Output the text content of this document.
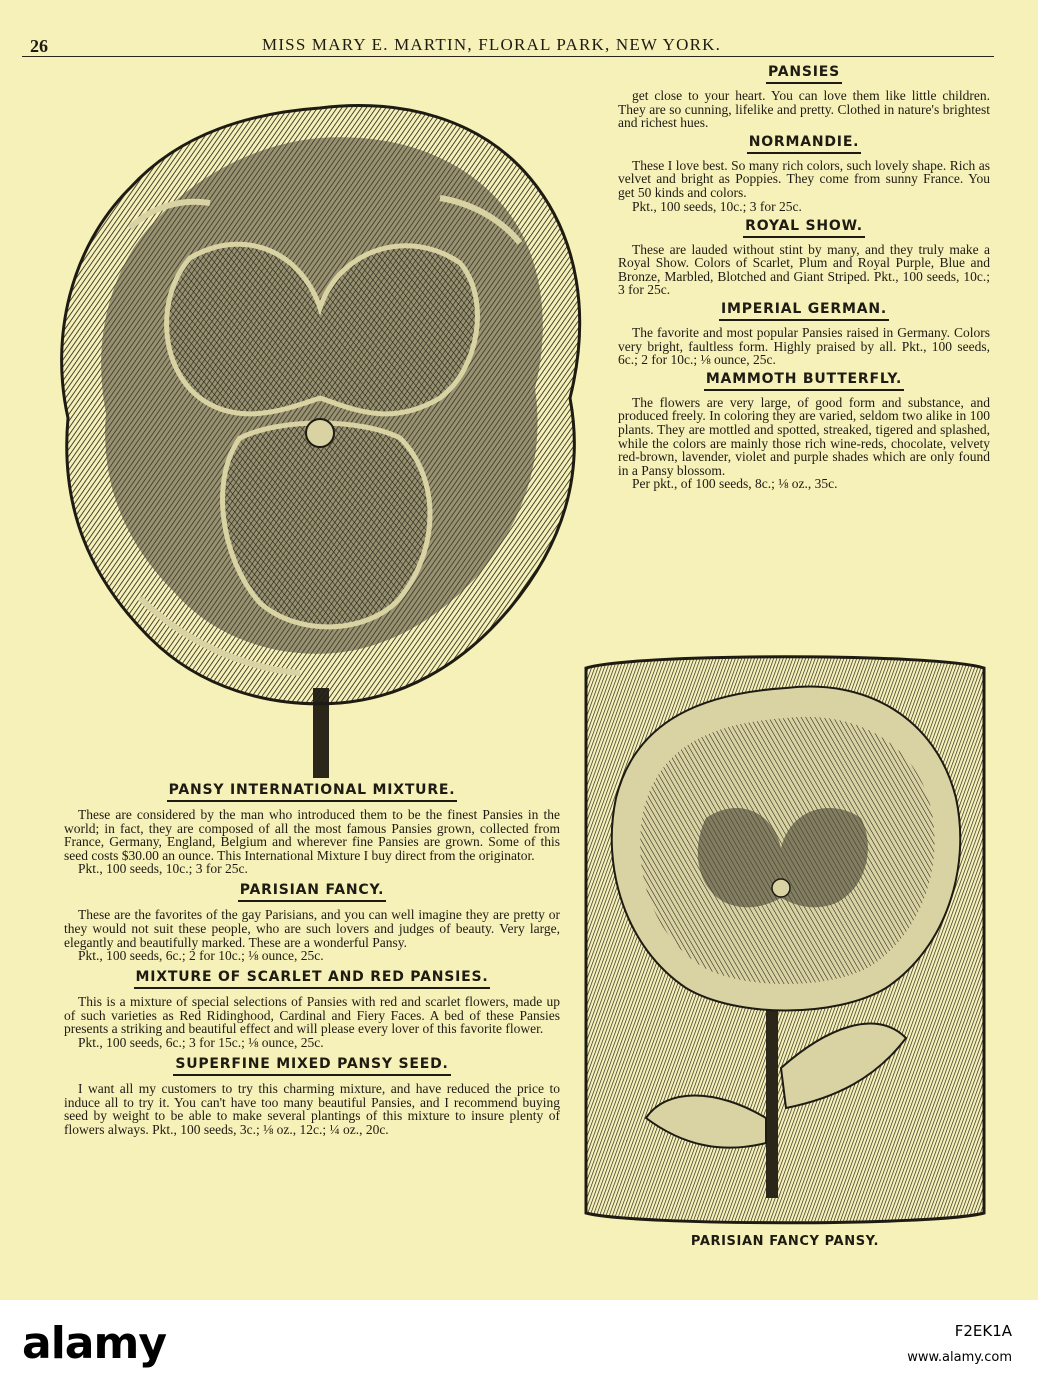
26	MISS MARY E. MARTIN, FLORAL PARK, NEW YORK.
PANSIES

get close to your heart. You can love them like little children. They are so cunning, lifelike and pretty. Clothed in nature's brightest and richest hues.

NORMANDIE.

These I love best. So many rich colors, such lovely shape. Rich as velvet and bright as Poppies. They come from sunny France. You get 50 kinds and colors.

Pkt., 100 seeds, 10c.; 3 for 25c.

ROYAL SHOW.

These are lauded without stint by many, and they truly make a Royal Show. Colors of Scarlet, Plum and Royal Purple, Blue and Bronze, Marbled, Blotched and Giant Striped. Pkt., 100 seeds, 10c.; 3 for 25c.

IMPERIAL GERMAN.

The favorite and most popular Pansies raised in Germany. Colors very bright, faultless form. Highly praised by all. Pkt., 100 seeds, 6c.; 2 for 10c.; ⅛ ounce, 25c.

MAMMOTH BUTTERFLY.

The flowers are very large, of good form and substance, and produced freely. In coloring they are varied, seldom two alike in 100 plants. They are mottled and spotted, streaked, tigered and splashed, while the colors are mainly those rich wine-reds, chocolate, velvety red-brown, lavender, violet and purple shades which are only found in a Pansy blossom.

Per pkt., of 100 seeds, 8c.; ⅛ oz., 35c.

PANSY INTERNATIONAL MIXTURE.

These are considered by the man who introduced them to be the finest Pansies in the world; in fact, they are composed of all the most famous Pansies grown, collected from France, Germany, England, Belgium and wherever fine Pansies are grown. Some of this seed costs $30.00 an ounce. This International Mixture I buy direct from the originator.

Pkt., 100 seeds, 10c.; 3 for 25c.

PARISIAN FANCY.

These are the favorites of the gay Parisians, and you can well imagine they are pretty or they would not suit these people, who are such lovers and judges of beauty. Very large, elegantly and beautifully marked. These are a wonderful Pansy.

Pkt., 100 seeds, 6c.; 2 for 10c.; ⅛ ounce, 25c.

MIXTURE OF SCARLET AND RED PANSIES.

This is a mixture of special selections of Pansies with red and scarlet flowers, made up of such varieties as Red Ridinghood, Cardinal and Fiery Faces. A bed of these Pansies presents a striking and beautiful effect and will please every lover of this favorite flower.

Pkt., 100 seeds, 6c.; 3 for 15c.; ⅛ ounce, 25c.

SUPERFINE MIXED PANSY SEED.

I want all my customers to try this charming mixture, and have reduced the price to induce all to try it. You can't have too many beautiful Pansies, and I recommend buying seed by weight to be able to make several plantings of this mixture to insure plenty of flowers always. Pkt., 100 seeds, 3c.; ⅛ oz., 12c.; ¼ oz., 20c.

PARISIAN FANCY PANSY.
alamy	F2EK1A
www.alamy.com
